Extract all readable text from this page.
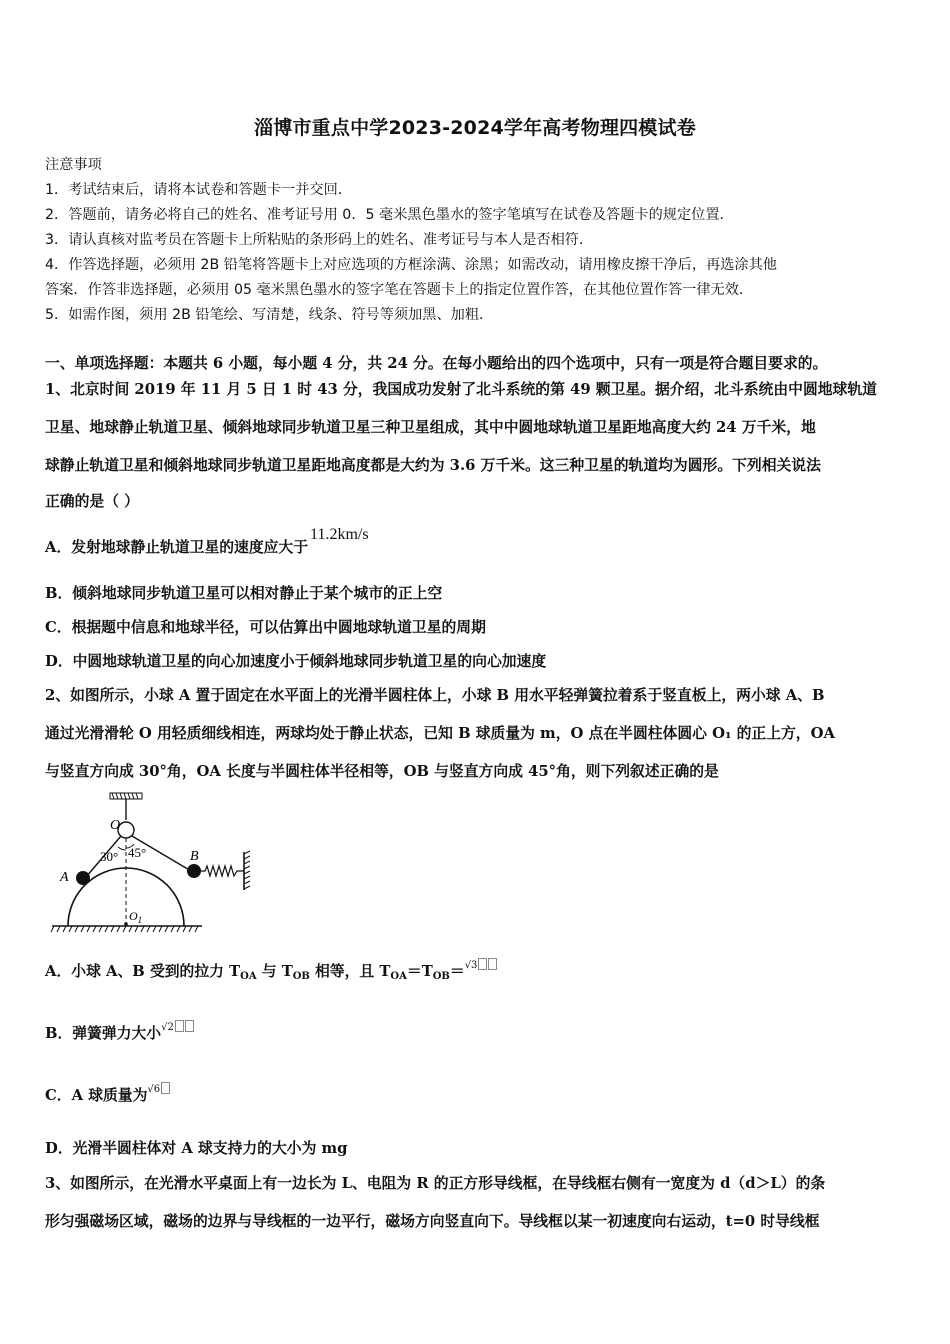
淄博市重点中学2023-2024学年高考物理四模试卷
注意事项
1．考试结束后，请将本试卷和答题卡一并交回．
2．答题前，请务必将自己的姓名、准考证号用 0．5 毫米黑色墨水的签字笔填写在试卷及答题卡的规定位置．
3．请认真核对监考员在答题卡上所粘贴的条形码上的姓名、准考证号与本人是否相符．
4．作答选择题，必须用 2B 铅笔将答题卡上对应选项的方框涂满、涂黑；如需改动，请用橡皮擦干净后，再选涂其他
答案．作答非选择题，必须用 05 毫米黑色墨水的签字笔在答题卡上的指定位置作答，在其他位置作答一律无效．
5．如需作图，须用 2B 铅笔绘、写清楚，线条、符号等须加黑、加粗．
一、单项选择题：本题共 6 小题，每小题 4 分，共 24 分。在每小题给出的四个选项中，只有一项是符合题目要求的。
1、北京时间 2019 年 11 月 5 日 1 时 43 分，我国成功发射了北斗系统的第 49 颗卫星。据介绍，北斗系统由中圆地球轨道
卫星、地球静止轨道卫星、倾斜地球同步轨道卫星三种卫星组成，其中中圆地球轨道卫星距地高度大约 24 万千米，地
球静止轨道卫星和倾斜地球同步轨道卫星距地高度都是大约为 3.6 万千米。这三种卫星的轨道均为圆形。下列相关说法
正确的是（ ）
A．发射地球静止轨道卫星的速度应大于11.2km/s
B．倾斜地球同步轨道卫星可以相对静止于某个城市的正上空
C．根据题中信息和地球半径，可以估算出中圆地球轨道卫星的周期
D．中圆地球轨道卫星的向心加速度小于倾斜地球同步轨道卫星的向心加速度
2、如图所示，小球 A 置于固定在水平面上的光滑半圆柱体上，小球 B 用水平轻弹簧拉着系于竖直板上，两小球 A、B
通过光滑滑轮 O 用轻质细线相连，两球均处于静止状态，已知 B 球质量为 m，O 点在半圆柱体圆心 O₁ 的正上方，OA
与竖直方向成 30°角，OA 长度与半圆柱体半径相等，OB 与竖直方向成 45°角，则下列叙述正确的是
O
30° 45°
$O_1$
A
B
A．小球 A、B 受到的拉力 $T_{OA}$ 与 $T_{OB}$ 相等，且 $T_{OA}=T_{OB}=^{√3}$
B．弹簧弹力大小$^{√2}$
C．A 球质量为$^{√6}$
D．光滑半圆柱体对 A 球支持力的大小为 mg
3、如图所示，在光滑水平桌面上有一边长为 L、电阻为 R 的正方形导线框，在导线框右侧有一宽度为 d（d＞L）的条
形匀强磁场区域，磁场的边界与导线框的一边平行，磁场方向竖直向下。导线框以某一初速度向右运动，t=0 时导线框
